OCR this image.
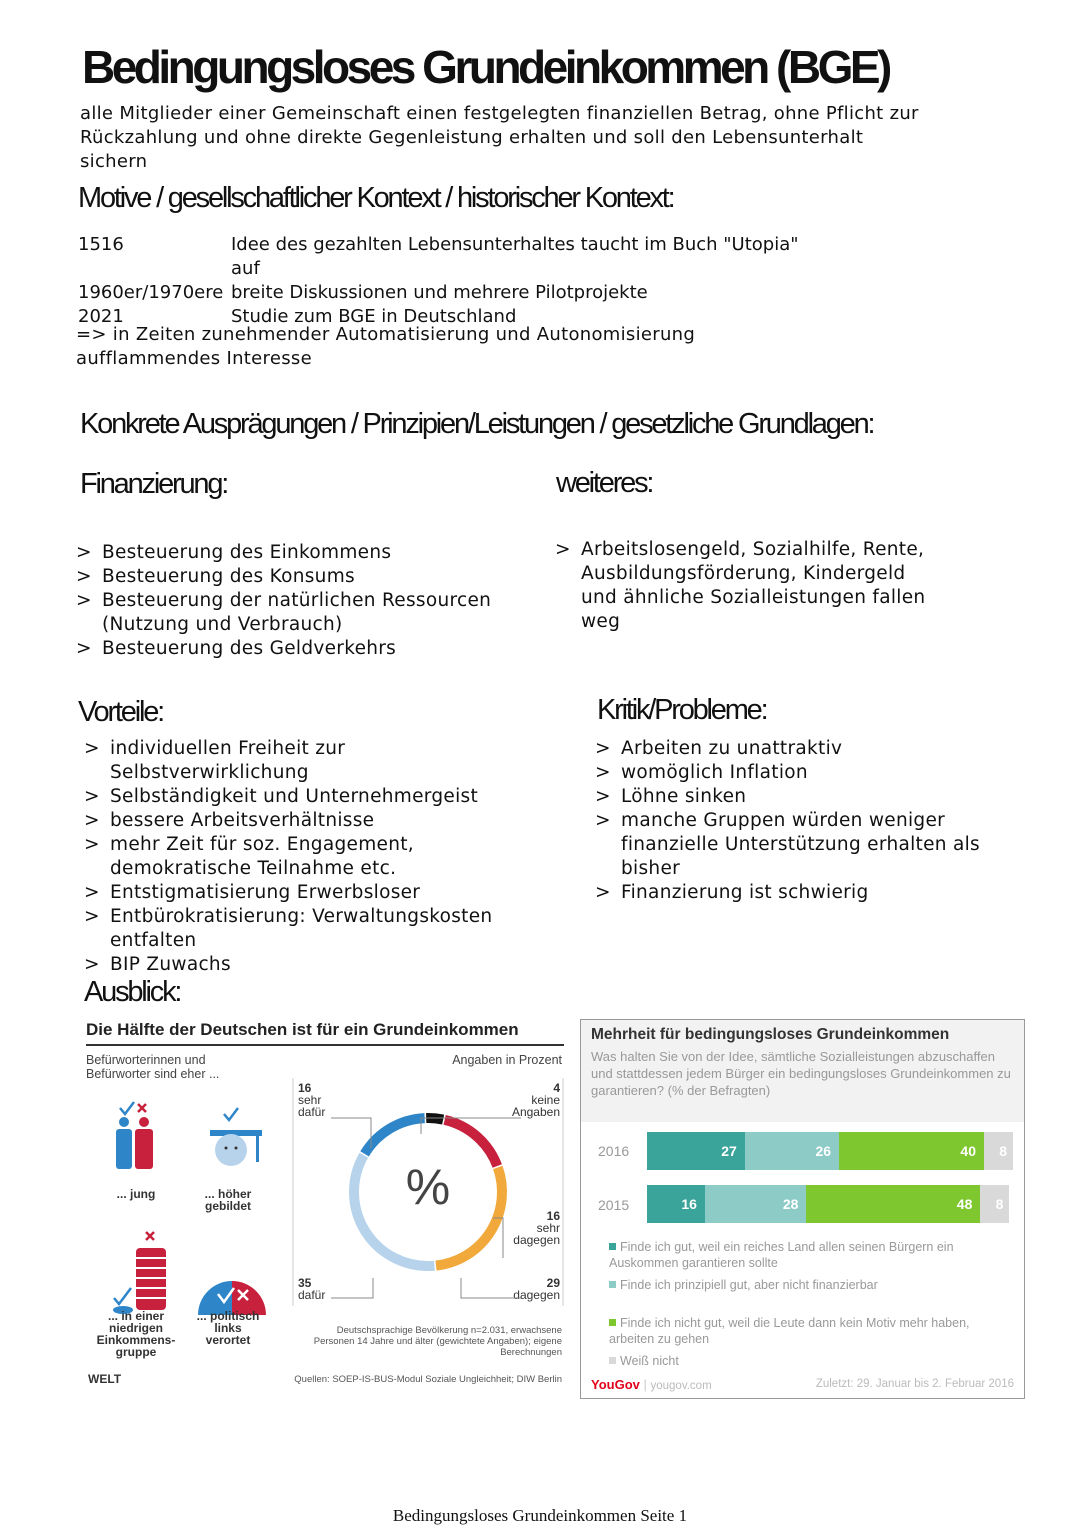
Bedingungsloses Grundeinkommen (BGE)
alle Mitglieder einer Gemeinschaft einen festgelegten finanziellen Betrag, ohne Pflicht zur Rückzahlung und ohne direkte Gegenleistung erhalten und soll den Lebensunterhalt sichern
Motive / gesellschaftlicher Kontext / historischer Kontext:
1516	Idee des gezahlten Lebensunterhaltes taucht im Buch "Utopia" auf
1960er/1970ere breite Diskussionen und mehrere Pilotprojekte
2021	Studie zum BGE in Deutschland
=> in Zeiten zunehmender Automatisierung und Autonomisierung aufflammendes Interesse
Konkrete Ausprägungen / Prinzipien/Leistungen / gesetzliche Grundlagen:
Finanzierung:	weiteres:
> Besteuerung des Einkommens
> Besteuerung des Konsums
> Besteuerung der natürlichen Ressourcen (Nutzung und Verbrauch)
> Besteuerung des Geldverkehrs
> Arbeitslosengeld, Sozialhilfe, Rente, Ausbildungsförderung, Kindergeld und ähnliche Sozialleistungen fallen weg
Vorteile:
> individuellen Freiheit zur Selbstverwirklichung
> Selbständigkeit und Unternehmergeist
> bessere Arbeitsverhältnisse
> mehr Zeit für soz. Engagement, demokratische Teilnahme etc.
> Entstigmatisierung Erwerbsloser
> Entbürokratisierung: Verwaltungskosten entfalten
> BIP Zuwachs
Kritik/Probleme:
> Arbeiten zu unattraktiv
> womöglich Inflation
> Löhne sinken
> manche Gruppen würden weniger finanzielle Unterstützung erhalten als bisher
> Finanzierung ist schwierig
Ausblick:
Die Hälfte der Deutschen ist für ein Grundeinkommen
Befürworterinnen und Befürworter sind eher ...
Angaben in Prozent
... jung	... höher gebildet
... in einer niedrigen Einkommens-gruppe
... politisch links verortet
%
16
sehr
dafür
4
keine
Angaben
16
sehr
dagegen
35
dafür
29
dagegen
Deutschsprachige Bevölkerung n=2.031, erwachsene Personen 14 Jahre und älter (gewichtete Angaben); eigene Berechnungen
WELT	Quellen: SOEP-IS-BUS-Modul Soziale Ungleichheit; DIW Berlin
Mehrheit für bedingungsloses Grundeinkommen
Was halten Sie von der Idee, sämtliche Sozialleistungen abzuschaffen und stattdessen jedem Bürger ein bedingungsloses Grundeinkommen zu garantieren? (% der Befragten)
2016
2015
27	26	40	8
16	28	48	8
Finde ich gut, weil ein reiches Land allen seinen Bürgern ein Auskommen garantieren sollte
Finde ich prinzipiell gut, aber nicht finanzierbar
Finde ich nicht gut, weil die Leute dann kein Motiv mehr haben, arbeiten zu gehen
Weiß nicht
YouGov | yougov.com	Zuletzt: 29. Januar bis 2. Februar 2016
Bedingungsloses Grundeinkommen Seite 1
